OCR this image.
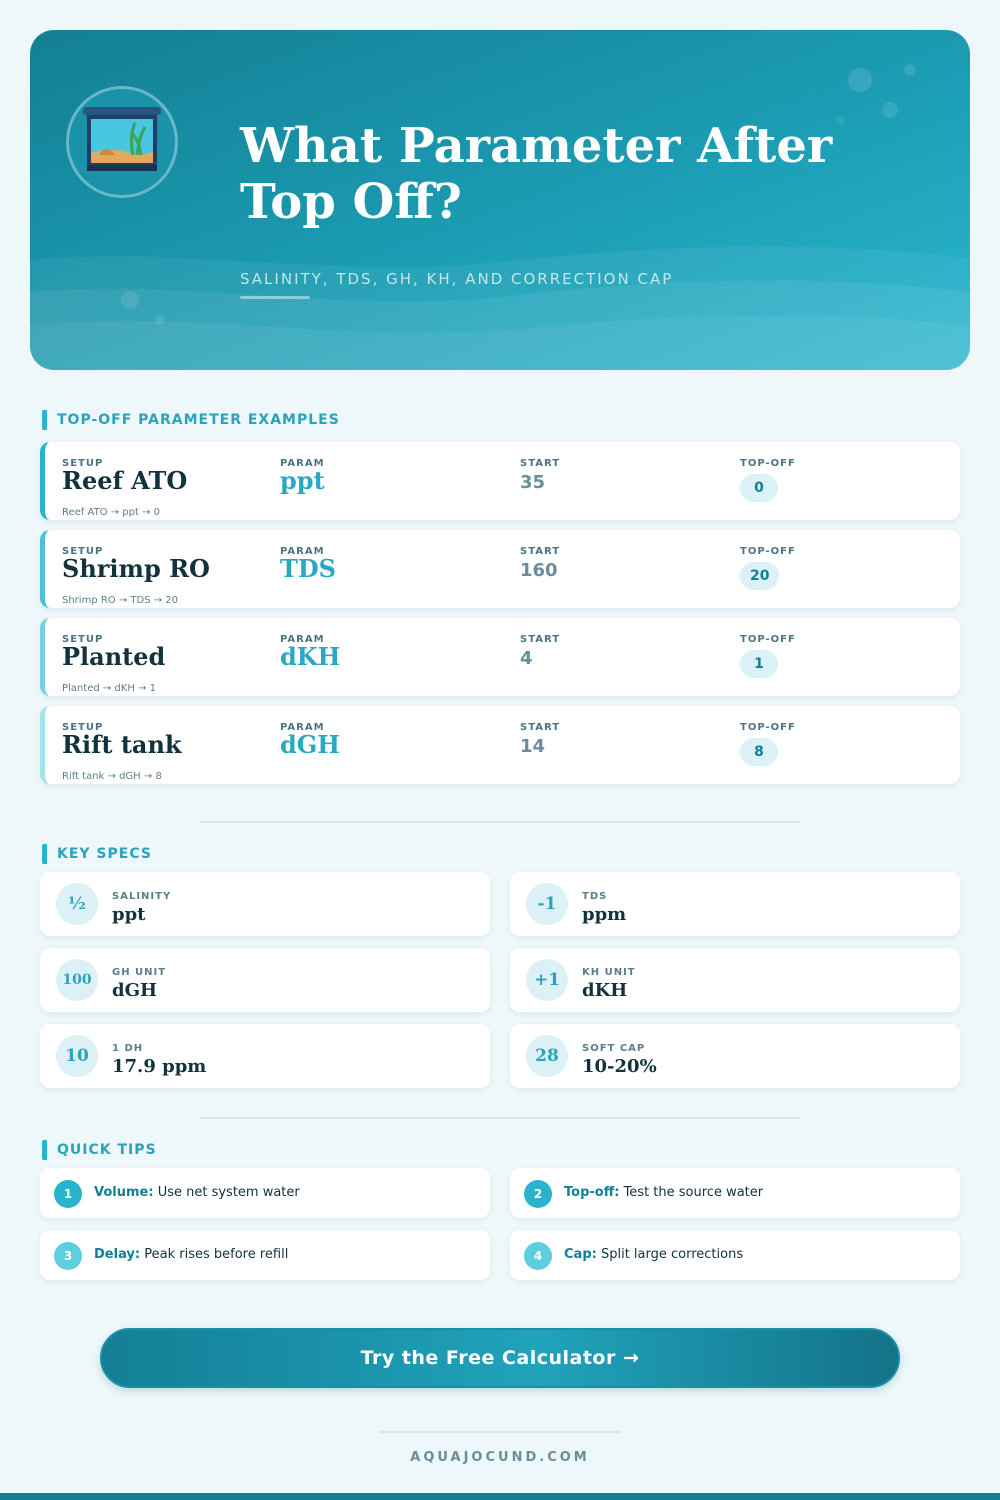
What Parameter After Top Off?
SALINITY, TDS, GH, KH, AND CORRECTION CAP
TOP-OFF PARAMETER EXAMPLES
SETUP	PARAM	START	TOP-OFF
Reef ATO	ppt	35	0
Reef ATO → ppt → 0
SETUP	PARAM	START	TOP-OFF
Shrimp RO	TDS	160	20
Shrimp RO → TDS → 20
SETUP	PARAM	START	TOP-OFF
Planted	dKH	4	1
Planted → dKH → 1
SETUP	PARAM	START	TOP-OFF
Rift tank	dGH	14	8
Rift tank → dGH → 8
KEY SPECS
½	SALINITY
ppt	-1	TDS
ppm
100	GH UNIT
dGH	+1	KH UNIT
dKH
10	1 DH
17.9 ppm	28	SOFT CAP
10-20%
QUICK TIPS
1	Volume: Use net system water	2	Top-off: Test the source water
3	Delay: Peak rises before refill	4	Cap: Split large corrections
Try the Free Calculator →
AQUAJOCUND.COM
